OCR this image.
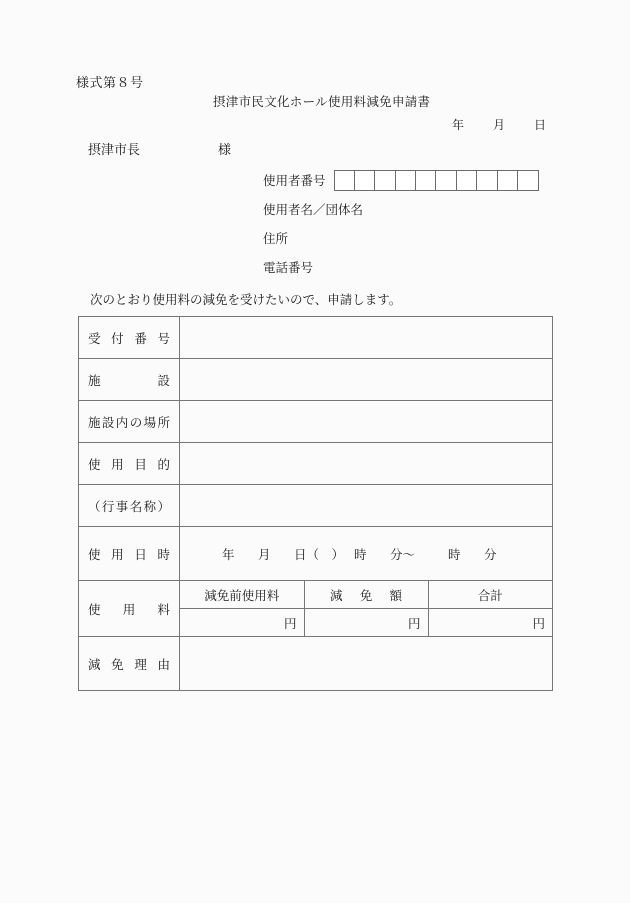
様式第８号
摂津市民文化ホール使用料減免申請書
年 月 日
摂津市長	様
使用者番号
使用者名／団体名
住所
電話番号
次のとおり使用料の減免を受けたいので、申請します。
受付番号

施設

施設内の場所

使用目的

（行事名称）

使用日時	年 月 日（　） 時 分～	時 分

使用料

減免前使用料	減免額	合計
円	円	円

減免理由
